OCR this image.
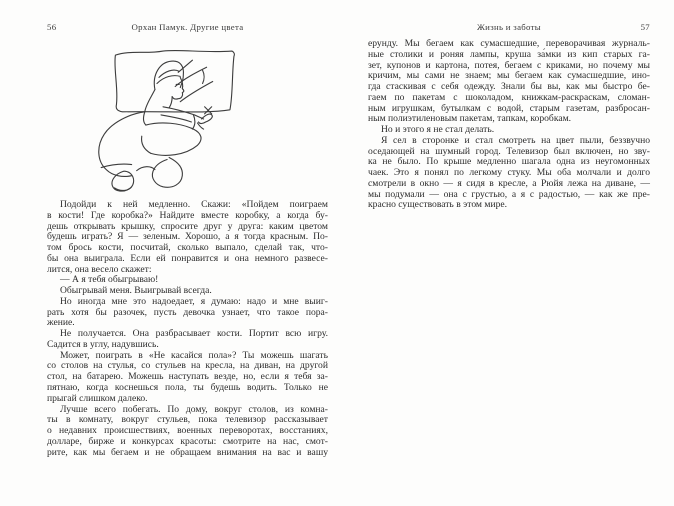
56	Орхан Памук. Другие цвета	Жизнь и заботы	57
Подойди к ней медленно. Скажи: «Пойдем поиграем
в кости! Где коробка?» Найдите вместе коробку, а когда бу-
дешь открывать крышку, спросите друг у друга: каким цветом
будешь играть? Я — зеленым. Хорошо, а я тогда красным. По-
том брось кости, посчитай, сколько выпало, сделай так, что-
бы она выиграла. Если ей понравится и она немного развесе-
лится, она весело скажет:
— А я тебя обыгрываю!
Обыгрывай меня. Выигрывай всегда.
Но иногда мне это надоедает, я думаю: надо и мне выиг-
рать хотя бы разочек, пусть девочка узнает, что такое пора-
жение.
Не получается. Она разбрасывает кости. Портит всю игру.
Садится в углу, надувшись.
Может, поиграть в «Не касайся пола»? Ты можешь шагать
со столов на стулья, со стульев на кресла, на диван, на другой
стол, на батарею. Можешь наступать везде, но, если я тебя за-
пятнаю, когда коснешься пола, ты будешь водить. Только не
прыгай слишком далеко.
Лучше всего побегать. По дому, вокруг столов, из комна-
ты в комнату, вокруг стульев, пока телевизор рассказывает
о недавних происшествиях, военных переворотах, восстаниях,
долларе, бирже и конкурсах красоты: смотрите на нас, смот-
рите, как мы бегаем и не обращаем внимания на вас и вашу
ерунду. Мы бегаем как сумасшедшие, переворачивая журналь-
ные столики и роняя лампы, круша за́мки из кип старых га-
зет, купонов и картона, потея, бегаем с криками, но почему мы
кричим, мы сами не знаем; мы бегаем как сумасшедшие, ино-
гда стаскивая с себя одежду. Знали бы вы, как мы быстро бе-
гаем по пакетам с шоколадом, книжкам-раскраскам, сломан-
ным игрушкам, бутылкам с водой, старым газетам, разбросан-
ным полиэтиленовым пакетам, тапкам, коробкам.
Но и этого я не стал делать.
Я сел в сторонке и стал смотреть на цвет пыли, беззвучно
оседающей на шумный город. Телевизор был включен, но зву-
ка не было. По крыше медленно шагала одна из неугомонных
чаек. Это я понял по легкому стуку. Мы оба молчали и долго
смотрели в окно — я сидя в кресле, а Рюйя лежа на диване, —
мы подумали — она с грустью, а я с радостью, — как же пре-
красно существовать в этом мире.
